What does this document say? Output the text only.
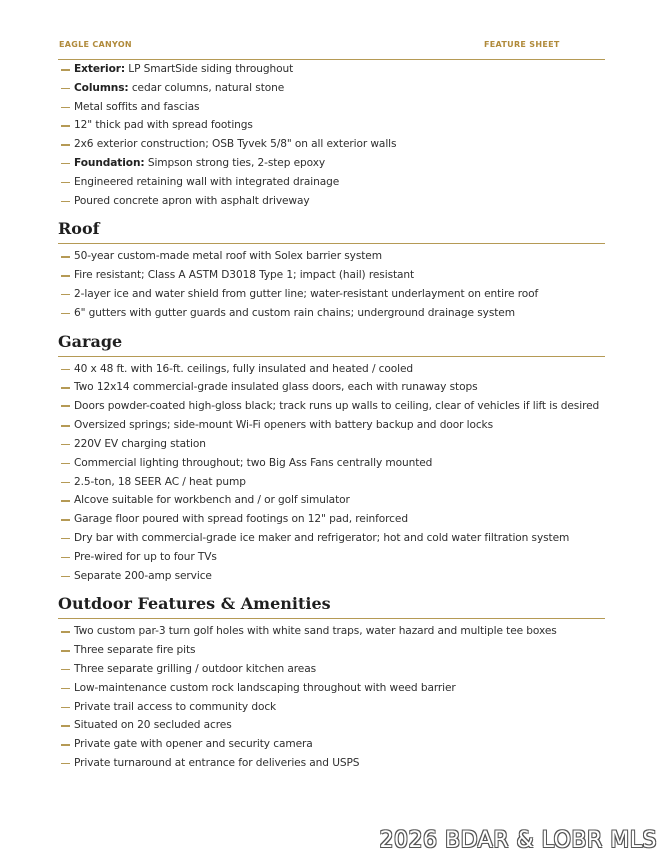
EAGLE CANYON	FEATURE SHEET
Exterior: LP SmartSide siding throughout
Columns: cedar columns, natural stone
Metal soffits and fascias
12" thick pad with spread footings
2x6 exterior construction; OSB Tyvek 5/8" on all exterior walls
Foundation: Simpson strong ties, 2-step epoxy
Engineered retaining wall with integrated drainage
Poured concrete apron with asphalt driveway
Roof
50-year custom-made metal roof with Solex barrier system
Fire resistant; Class A ASTM D3018 Type 1; impact (hail) resistant
2-layer ice and water shield from gutter line; water-resistant underlayment on entire roof
6" gutters with gutter guards and custom rain chains; underground drainage system
Garage
40 x 48 ft. with 16-ft. ceilings, fully insulated and heated / cooled
Two 12x14 commercial-grade insulated glass doors, each with runaway stops
Doors powder-coated high-gloss black; track runs up walls to ceiling, clear of vehicles if lift is desired
Oversized springs; side-mount Wi-Fi openers with battery backup and door locks
220V EV charging station
Commercial lighting throughout; two Big Ass Fans centrally mounted
2.5-ton, 18 SEER AC / heat pump
Alcove suitable for workbench and / or golf simulator
Garage floor poured with spread footings on 12" pad, reinforced
Dry bar with commercial-grade ice maker and refrigerator; hot and cold water filtration system
Pre-wired for up to four TVs
Separate 200-amp service
Outdoor Features & Amenities
Two custom par-3 turn golf holes with white sand traps, water hazard and multiple tee boxes
Three separate fire pits
Three separate grilling / outdoor kitchen areas
Low-maintenance custom rock landscaping throughout with weed barrier
Private trail access to community dock
Situated on 20 secluded acres
Private gate with opener and security camera
Private turnaround at entrance for deliveries and USPS
2026 BDAR & LOBR MLS
